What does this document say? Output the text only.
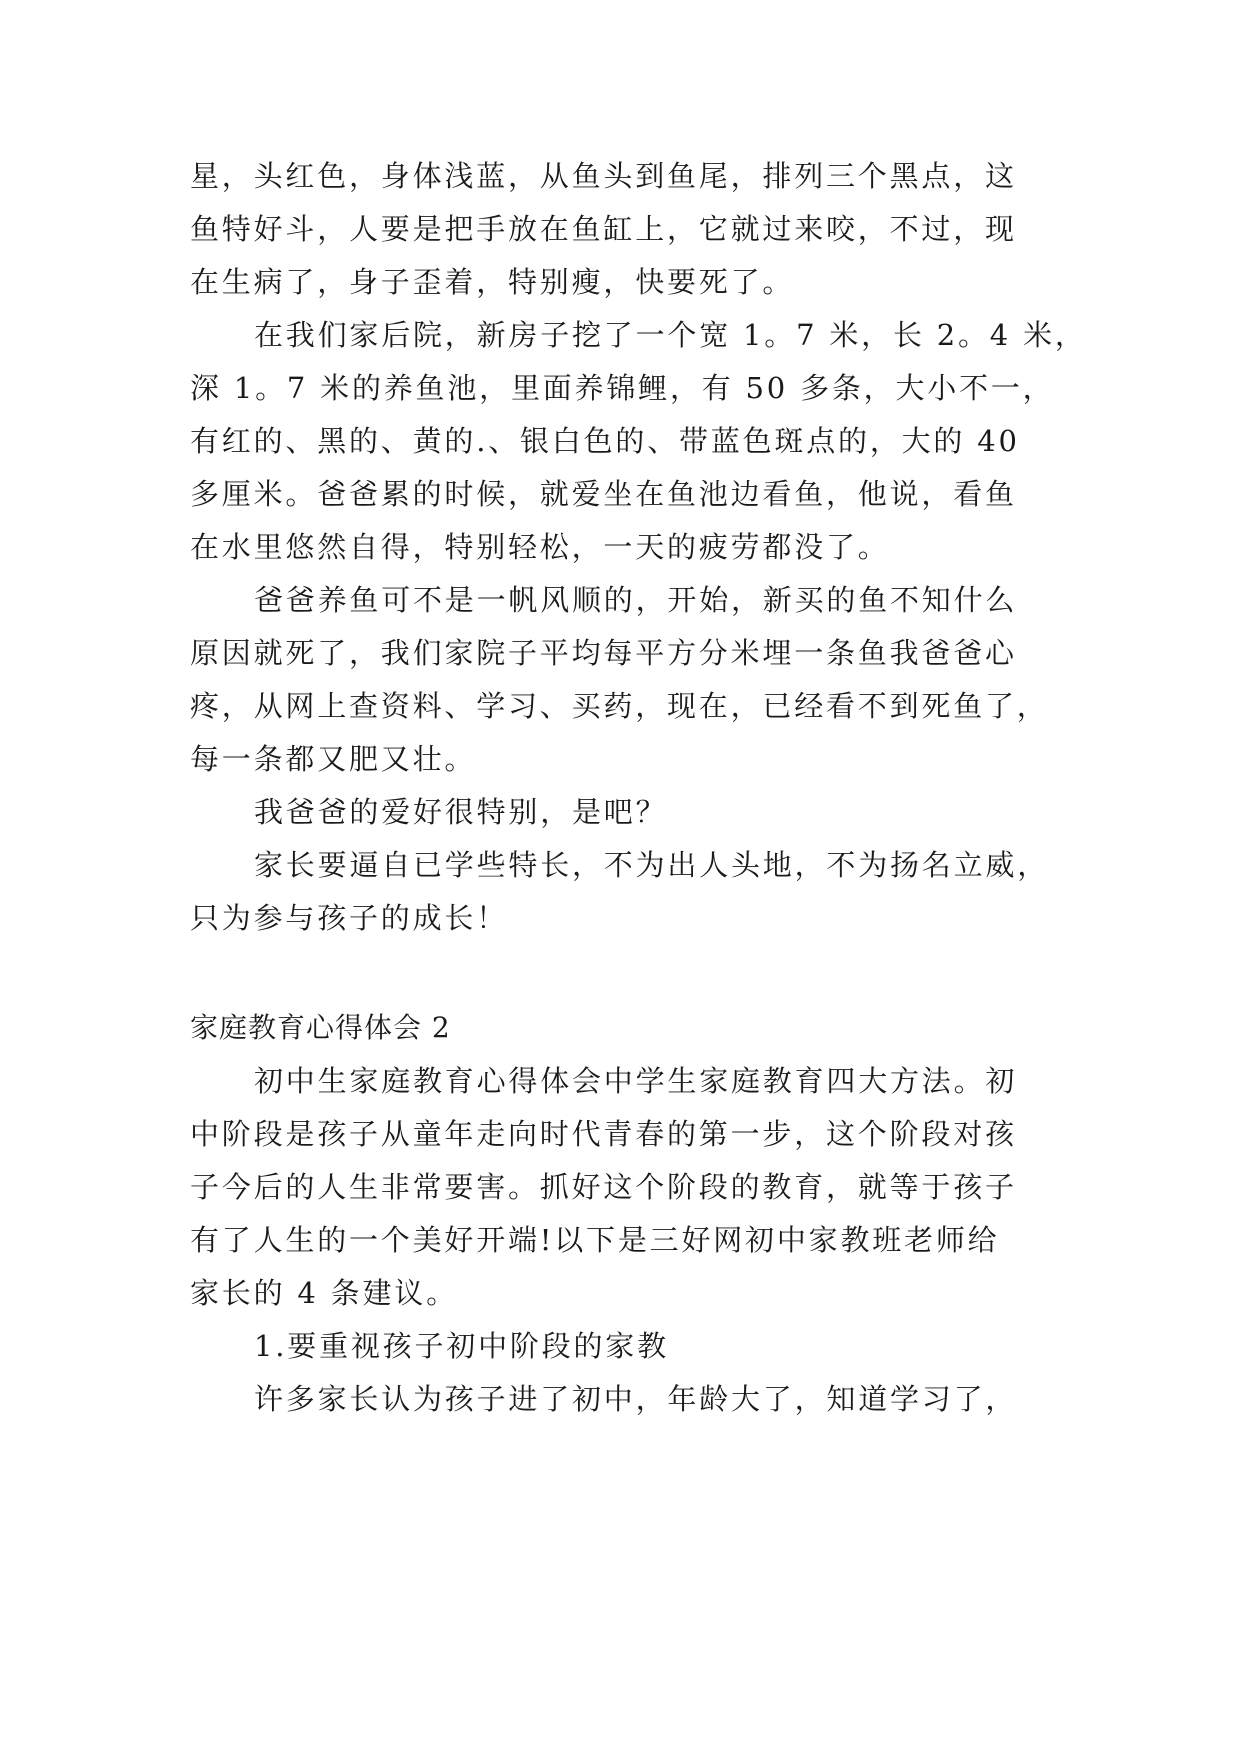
星，头红色，身体浅蓝，从鱼头到鱼尾，排列三个黑点，这
鱼特好斗，人要是把手放在鱼缸上，它就过来咬，不过，现
在生病了，身子歪着，特别瘦，快要死了。

在我们家后院，新房子挖了一个宽 1。7 米，长 2。4 米，
深 1。7 米的养鱼池，里面养锦鲤，有 50 多条，大小不一，
有红的、黑的、黄的.、银白色的、带蓝色斑点的，大的 40
多厘米。爸爸累的时候，就爱坐在鱼池边看鱼，他说，看鱼
在水里悠然自得，特别轻松，一天的疲劳都没了。

爸爸养鱼可不是一帆风顺的，开始，新买的鱼不知什么
原因就死了，我们家院子平均每平方分米埋一条鱼我爸爸心
疼，从网上查资料、学习、买药，现在，已经看不到死鱼了，
每一条都又肥又壮。

我爸爸的爱好很特别，是吧？

家长要逼自已学些特长，不为出人头地，不为扬名立威，
只为参与孩子的成长！

家庭教育心得体会 2

初中生家庭教育心得体会中学生家庭教育四大方法。初
中阶段是孩子从童年走向时代青春的第一步，这个阶段对孩
子今后的人生非常要害。抓好这个阶段的教育，就等于孩子
有了人生的一个美好开端!以下是三好网初中家教班老师给
家长的 4 条建议。

1.要重视孩子初中阶段的家教

许多家长认为孩子进了初中，年龄大了，知道学习了，
